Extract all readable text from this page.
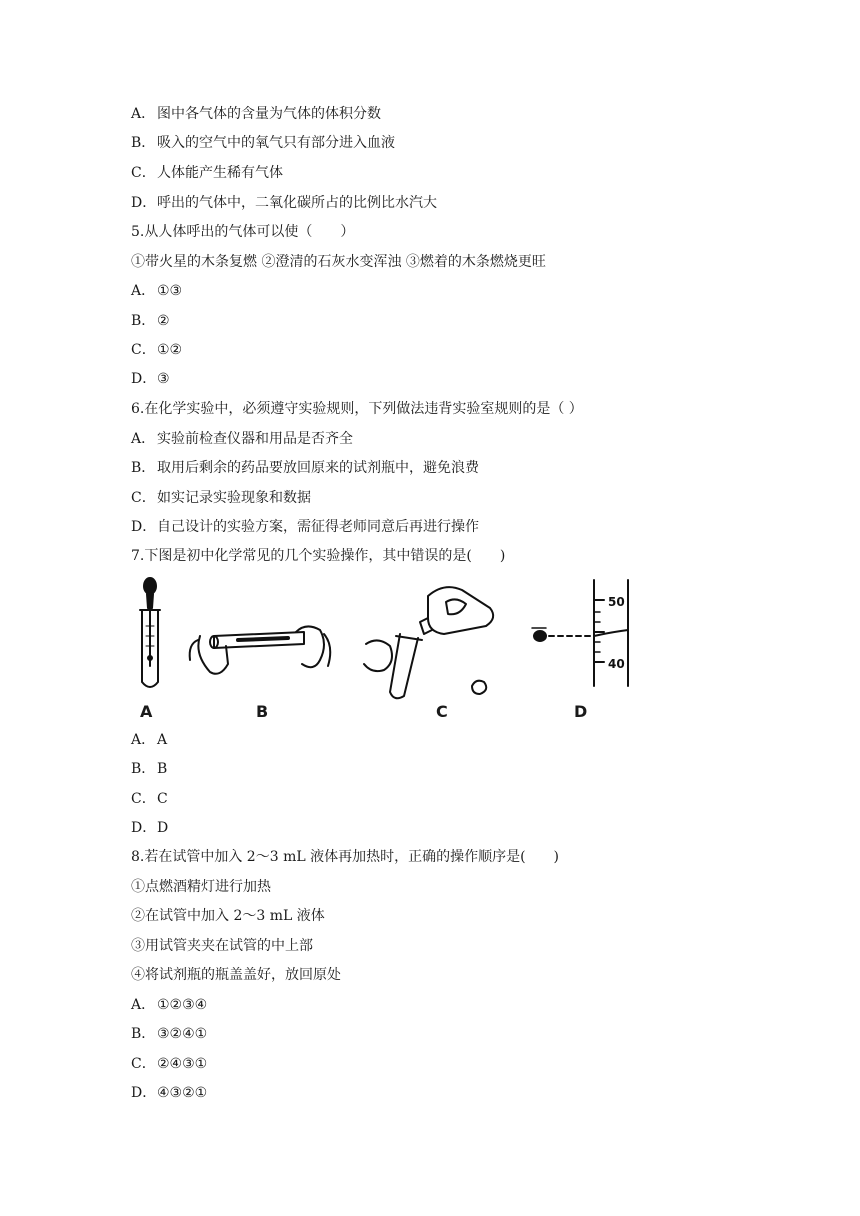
A． 图中各气体的含量为气体的体积分数
B． 吸入的空气中的氧气只有部分进入血液
C．人体能产生稀有气体
D．呼出的气体中，二氧化碳所占的比例比水汽大
5.从人体呼出的气体可以使（　　）
①带火星的木条复燃 ②澄清的石灰水变浑浊 ③燃着的木条燃烧更旺
A． ①③
B． ②
C．①②
D．③
6.在化学实验中，必须遵守实验规则，下列做法违背实验室规则的是（ ）
A． 实验前检查仪器和用品是否齐全
B． 取用后剩余的药品要放回原来的试剂瓶中，避免浪费
C．如实记录实验现象和数据
D．自己设计的实验方案，需征得老师同意后再进行操作
7.下图是初中化学常见的几个实验操作，其中错误的是(　　)
50
40
A	B	C	D
A． A
B． B
C．C
D．D
8.若在试管中加入 2～3 mL 液体再加热时，正确的操作顺序是(　　)
①点燃酒精灯进行加热
②在试管中加入 2～3 mL 液体
③用试管夹夹在试管的中上部
④将试剂瓶的瓶盖盖好，放回原处
A． ①②③④
B． ③②④①
C．②④③①
D．④③②①
